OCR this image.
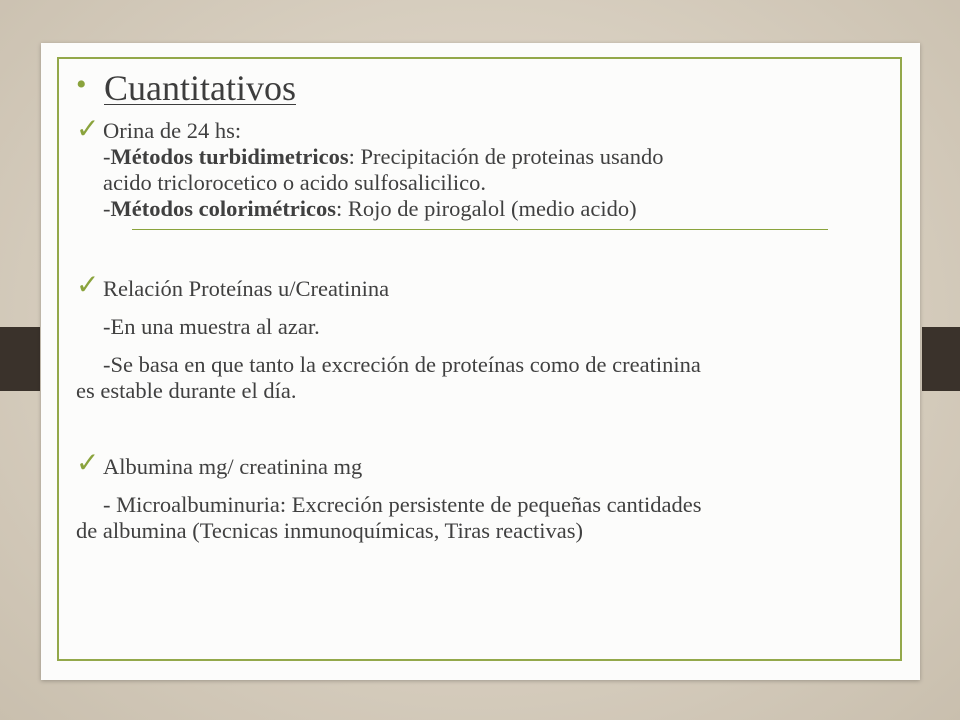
• Cuantitativos
✓ Orina de 24 hs:
-Métodos turbidimetricos: Precipitación de proteinas usando
acido triclorocetico o acido sulfosalicilico.
-Métodos colorimétricos: Rojo de pirogalol (medio acido)
✓ Relación Proteínas u/Creatinina
-En una muestra al azar.
-Se basa en que tanto la excreción de proteínas como de creatinina
es estable durante el día.
✓ Albumina mg/ creatinina mg
- Microalbuminuria: Excreción persistente de pequeñas cantidades
de albumina (Tecnicas inmunoquímicas, Tiras reactivas)
